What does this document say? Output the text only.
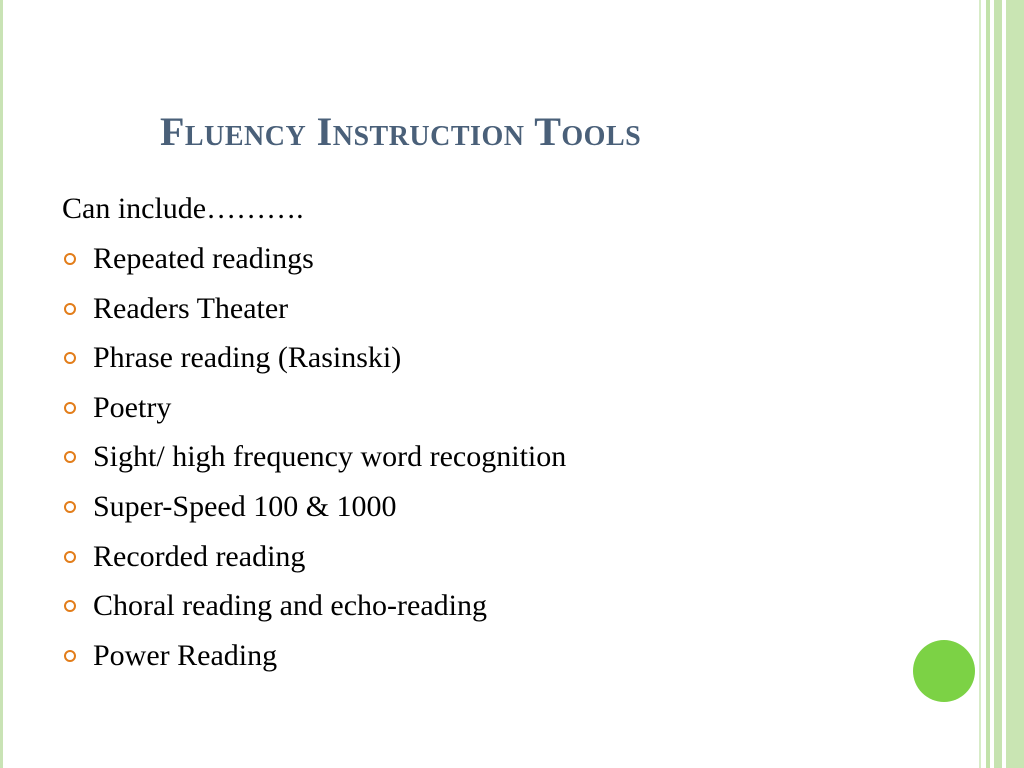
Fluency Instruction Tools
Can include……….
Repeated readings
Readers Theater
Phrase reading (Rasinski)
Poetry
Sight/ high frequency word recognition
Super-Speed 100 & 1000
Recorded reading
Choral reading and echo-reading
Power Reading
